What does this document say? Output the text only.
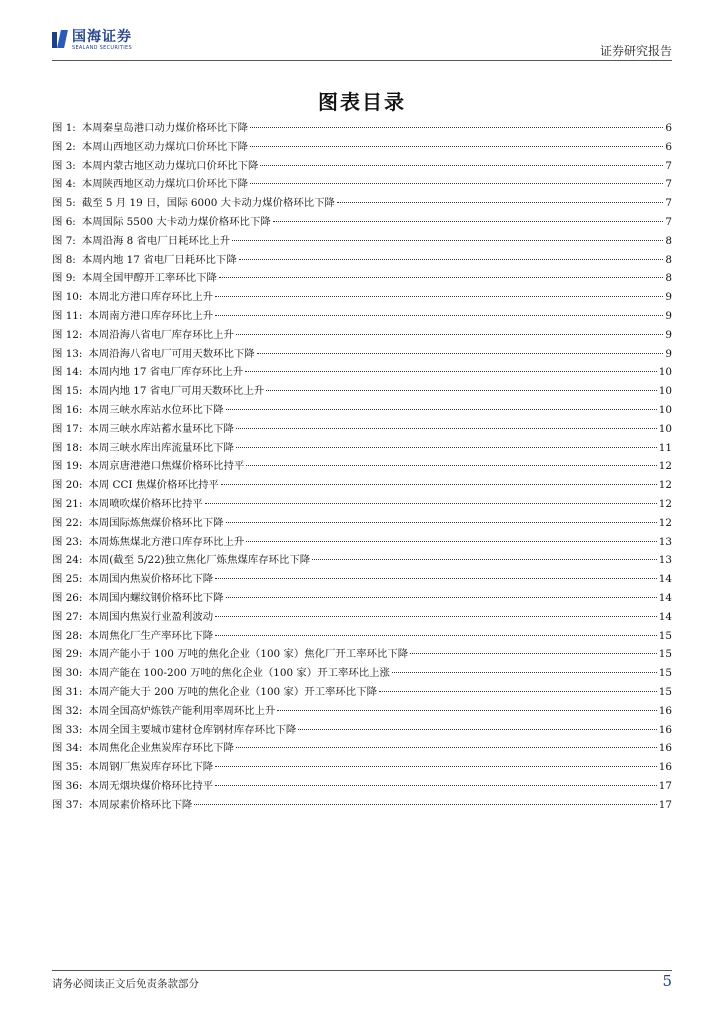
国海证券
SEALAND SECURITIES	证券研究报告
图表目录
图 1: 本周秦皇岛港口动力煤价格环比下降	6
图 2: 本周山西地区动力煤坑口价环比下降	6
图 3: 本周内蒙古地区动力煤坑口价环比下降	7
图 4: 本周陕西地区动力煤坑口价环比下降	7
图 5: 截至 5 月 19 日，国际 6000 大卡动力煤价格环比下降	7
图 6: 本周国际 5500 大卡动力煤价格环比下降	7
图 7: 本周沿海 8 省电厂日耗环比上升	8
图 8: 本周内地 17 省电厂日耗环比下降	8
图 9: 本周全国甲醇开工率环比下降	8
图 10: 本周北方港口库存环比上升	9
图 11: 本周南方港口库存环比上升	9
图 12: 本周沿海八省电厂库存环比上升	9
图 13: 本周沿海八省电厂可用天数环比下降	9
图 14: 本周内地 17 省电厂库存环比上升	10
图 15: 本周内地 17 省电厂可用天数环比上升	10
图 16: 本周三峡水库站水位环比下降	10
图 17: 本周三峡水库站蓄水量环比下降	10
图 18: 本周三峡水库出库流量环比下降	11
图 19: 本周京唐港港口焦煤价格环比持平	12
图 20: 本周 CCI 焦煤价格环比持平	12
图 21: 本周喷吹煤价格环比持平	12
图 22: 本周国际炼焦煤价格环比下降	12
图 23: 本周炼焦煤北方港口库存环比上升	13
图 24: 本周(截至 5/22)独立焦化厂炼焦煤库存环比下降	13
图 25: 本周国内焦炭价格环比下降	14
图 26: 本周国内螺纹钢价格环比下降	14
图 27: 本周国内焦炭行业盈利波动	14
图 28: 本周焦化厂生产率环比下降	15
图 29: 本周产能小于 100 万吨的焦化企业（100 家）焦化厂开工率环比下降	15
图 30: 本周产能在 100-200 万吨的焦化企业（100 家）开工率环比上涨	15
图 31: 本周产能大于 200 万吨的焦化企业（100 家）开工率环比下降	15
图 32: 本周全国高炉炼铁产能利用率周环比上升	16
图 33: 本周全国主要城市建材仓库钢材库存环比下降	16
图 34: 本周焦化企业焦炭库存环比下降	16
图 35: 本周钢厂焦炭库存环比下降	16
图 36: 本周无烟块煤价格环比持平	17
图 37: 本周尿素价格环比下降	17
请务必阅读正文后免责条款部分	5
